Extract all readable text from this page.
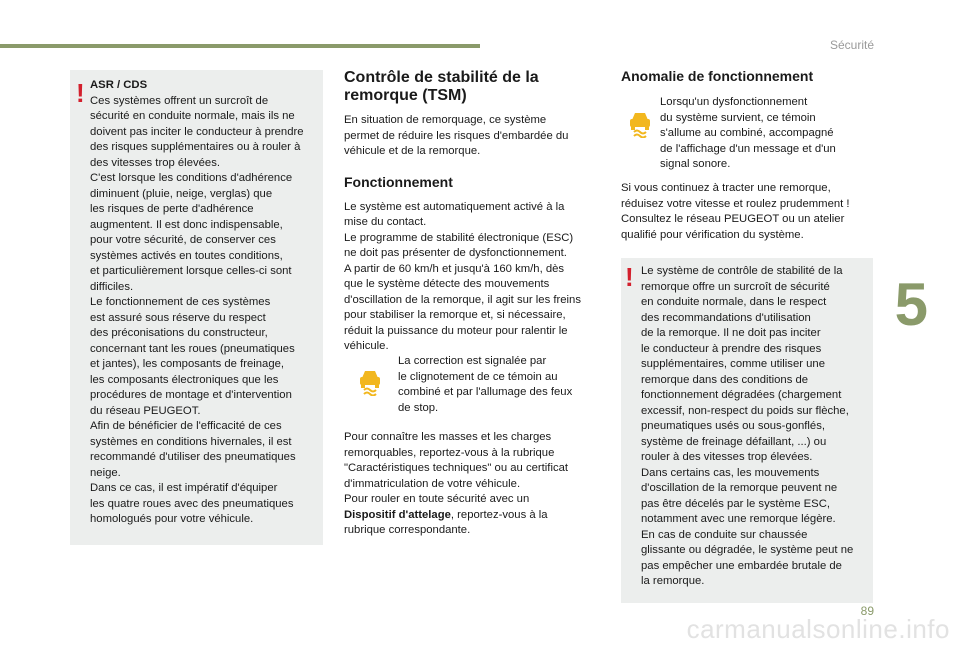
Sécurité
5
89
carmanualsonline.info
! ASR / CDS

Ces systèmes offrent un surcroît de

sécurité en conduite normale, mais ils ne

doivent pas inciter le conducteur à prendre

des risques supplémentaires ou à rouler à

des vitesses trop élevées.

C'est lorsque les conditions d'adhérence

diminuent (pluie, neige, verglas) que

les risques de perte d'adhérence

augmentent. Il est donc indispensable,

pour votre sécurité, de conserver ces

systèmes activés en toutes conditions,

et particulièrement lorsque celles-ci sont

difficiles.

Le fonctionnement de ces systèmes

est assuré sous réserve du respect

des préconisations du constructeur,

concernant tant les roues (pneumatiques

et jantes), les composants de freinage,

les composants électroniques que les

procédures de montage et d'intervention

du réseau PEUGEOT.

Afin de bénéficier de l'efficacité de ces

systèmes en conditions hivernales, il est

recommandé d'utiliser des pneumatiques

neige.

Dans ce cas, il est impératif d'équiper

les quatre roues avec des pneumatiques

homologués pour votre véhicule.

Contrôle de stabilité de la

remorque (TSM)

En situation de remorquage, ce système

permet de réduire les risques d'embardée du

véhicule et de la remorque.

Fonctionnement

Le système est automatiquement activé à la

mise du contact.

Le programme de stabilité électronique (ESC)

ne doit pas présenter de dysfonctionnement.

A partir de 60 km/h et jusqu'à 160 km/h, dès

que le système détecte des mouvements

d'oscillation de la remorque, il agit sur les freins

pour stabiliser la remorque et, si nécessaire,

réduit la puissance du moteur pour ralentir le

véhicule.

La correction est signalée par

le clignotement de ce témoin au

combiné et par l'allumage des feux

de stop.

Pour connaître les masses et les charges

remorquables, reportez-vous à la rubrique

"Caractéristiques techniques" ou au certificat

d'immatriculation de votre véhicule.

Pour rouler en toute sécurité avec un

Dispositif d'attelage, reportez-vous à la

rubrique correspondante.

Anomalie de fonctionnement

Lorsqu'un dysfonctionnement

du système survient, ce témoin

s'allume au combiné, accompagné

de l'affichage d'un message et d'un

signal sonore.

Si vous continuez à tracter une remorque,

réduisez votre vitesse et roulez prudemment !

Consultez le réseau PEUGEOT ou un atelier

qualifié pour vérification du système.

! Le système de contrôle de stabilité de la

remorque offre un surcroît de sécurité

en conduite normale, dans le respect

des recommandations d'utilisation

de la remorque. Il ne doit pas inciter

le conducteur à prendre des risques

supplémentaires, comme utiliser une

remorque dans des conditions de

fonctionnement dégradées (chargement

excessif, non-respect du poids sur flèche,

pneumatiques usés ou sous-gonflés,

système de freinage défaillant, ...) ou

rouler à des vitesses trop élevées.

Dans certains cas, les mouvements

d'oscillation de la remorque peuvent ne

pas être décelés par le système ESC,

notamment avec une remorque légère.

En cas de conduite sur chaussée

glissante ou dégradée, le système peut ne

pas empêcher une embardée brutale de

la remorque.
